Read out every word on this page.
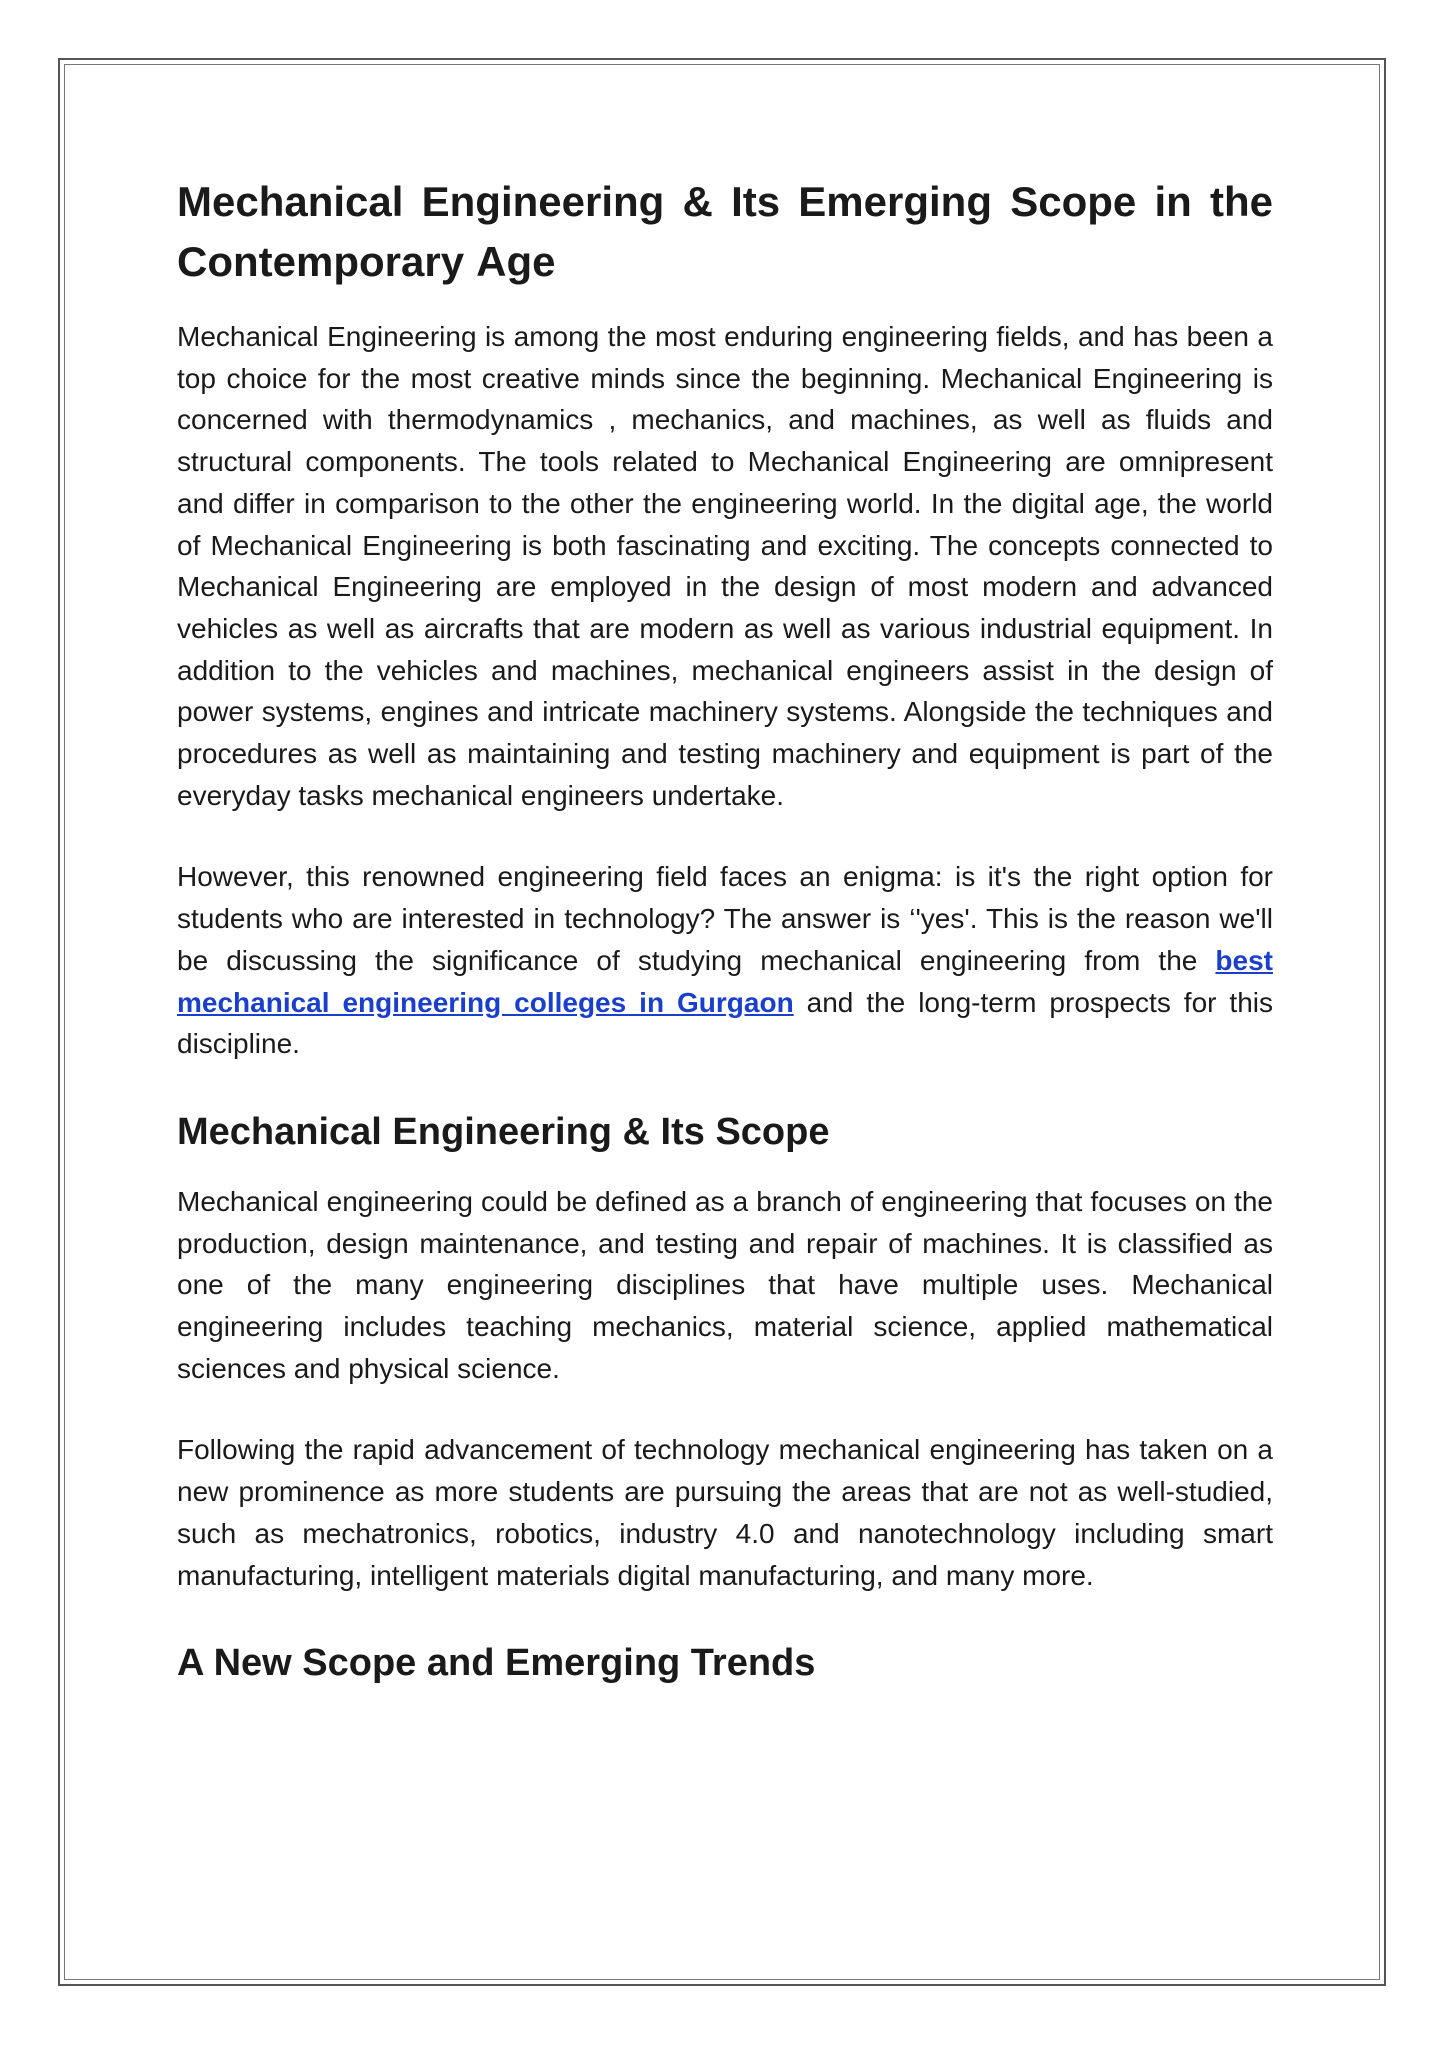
Mechanical Engineering & Its Emerging Scope in the Contemporary Age

Mechanical Engineering is among the most enduring engineering fields, and has been a top choice for the most creative minds since the beginning. Mechanical Engineering is concerned with thermodynamics , mechanics, and machines, as well as fluids and structural components. The tools related to Mechanical Engineering are omnipresent and differ in comparison to the other the engineering world. In the digital age, the world of Mechanical Engineering is both fascinating and exciting. The concepts connected to Mechanical Engineering are employed in the design of most modern and advanced vehicles as well as aircrafts that are modern as well as various industrial equipment. In addition to the vehicles and machines, mechanical engineers assist in the design of power systems, engines and intricate machinery systems. Alongside the techniques and procedures as well as maintaining and testing machinery and equipment is part of the everyday tasks mechanical engineers undertake.

However, this renowned engineering field faces an enigma: is it's the right option for students who are interested in technology? The answer is ‘'yes'. This is the reason we'll be discussing the significance of studying mechanical engineering from the best mechanical engineering colleges in Gurgaon and the long-term prospects for this discipline.

Mechanical Engineering & Its Scope

Mechanical engineering could be defined as a branch of engineering that focuses on the production, design maintenance, and testing and repair of machines. It is classified as one of the many engineering disciplines that have multiple uses. Mechanical engineering includes teaching mechanics, material science, applied mathematical sciences and physical science.

Following the rapid advancement of technology mechanical engineering has taken on a new prominence as more students are pursuing the areas that are not as well-studied, such as mechatronics, robotics, industry 4.0 and nanotechnology including smart manufacturing, intelligent materials digital manufacturing, and many more.

A New Scope and Emerging Trends
